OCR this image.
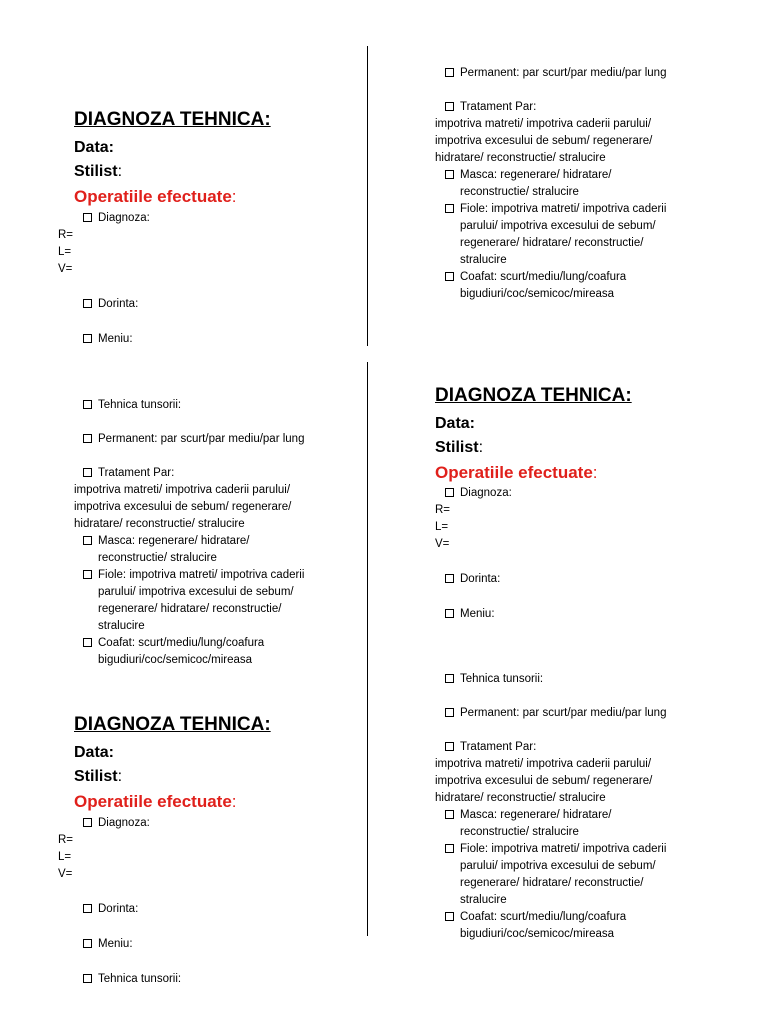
DIAGNOZA TEHNICA:
Data:
Stilist:
Operatiile efectuate:
Diagnoza:
R=
L=
V=
Dorinta:
Meniu:
Permanent: par scurt/par mediu/par lung
Tratament Par:
impotriva matreti/ impotriva caderii parului/
impotriva excesului de sebum/ regenerare/
hidratare/ reconstructie/ stralucire
Masca: regenerare/ hidratare/
reconstructie/ stralucire
Fiole: impotriva matreti/ impotriva caderii
parului/ impotriva excesului de sebum/
regenerare/ hidratare/ reconstructie/
stralucire
Coafat: scurt/mediu/lung/coafura
bigudiuri/coc/semicoc/mireasa
Tehnica tunsorii:
Permanent: par scurt/par mediu/par lung
Tratament Par:
impotriva matreti/ impotriva caderii parului/
impotriva excesului de sebum/ regenerare/
hidratare/ reconstructie/ stralucire
Masca: regenerare/ hidratare/
reconstructie/ stralucire
Fiole: impotriva matreti/ impotriva caderii
parului/ impotriva excesului de sebum/
regenerare/ hidratare/ reconstructie/
stralucire
Coafat: scurt/mediu/lung/coafura
bigudiuri/coc/semicoc/mireasa
DIAGNOZA TEHNICA:
Data:
Stilist:
Operatiile efectuate:
Diagnoza:
R=
L=
V=
Dorinta:
Meniu:
Tehnica tunsorii:
DIAGNOZA TEHNICA:
Data:
Stilist:
Operatiile efectuate:
Diagnoza:
R=
L=
V=
Dorinta:
Meniu:
Tehnica tunsorii:
Permanent: par scurt/par mediu/par lung
Tratament Par:
impotriva matreti/ impotriva caderii parului/
impotriva excesului de sebum/ regenerare/
hidratare/ reconstructie/ stralucire
Masca: regenerare/ hidratare/
reconstructie/ stralucire
Fiole: impotriva matreti/ impotriva caderii
parului/ impotriva excesului de sebum/
regenerare/ hidratare/ reconstructie/
stralucire
Coafat: scurt/mediu/lung/coafura
bigudiuri/coc/semicoc/mireasa
